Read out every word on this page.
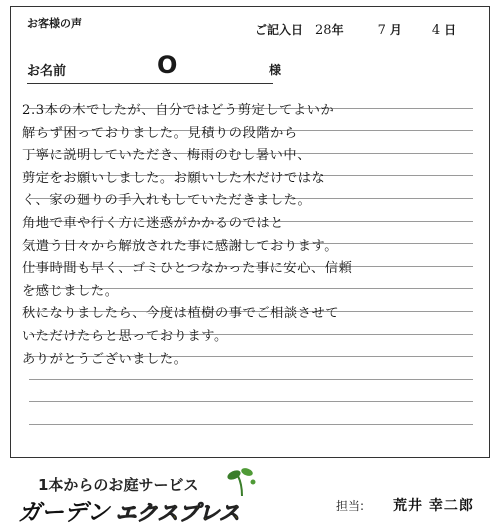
お客様の声	ご記入日 28 年	7 月 4 日
お名前	O	様
2.3本の木でしたが、自分ではどう剪定してよいか
解らず困っておりました。見積りの段階から
丁寧に説明していただき、梅雨のむし暑い中、
剪定をお願いしました。お願いした木だけではな
く、家の廻りの手入れもしていただきました。
角地で車や行く方に迷惑がかかるのではと
気遣う日々から解放された事に感謝しております。
仕事時間も早く、ゴミひとつなかった事に安心、信頼
を感じました。
秋になりましたら、今度は植樹の事でご相談させて
いただけたらと思っております。
ありがとうございました。
1本からのお庭サービス
ガーデン エクスプレス	担当: 荒井 幸二郎
